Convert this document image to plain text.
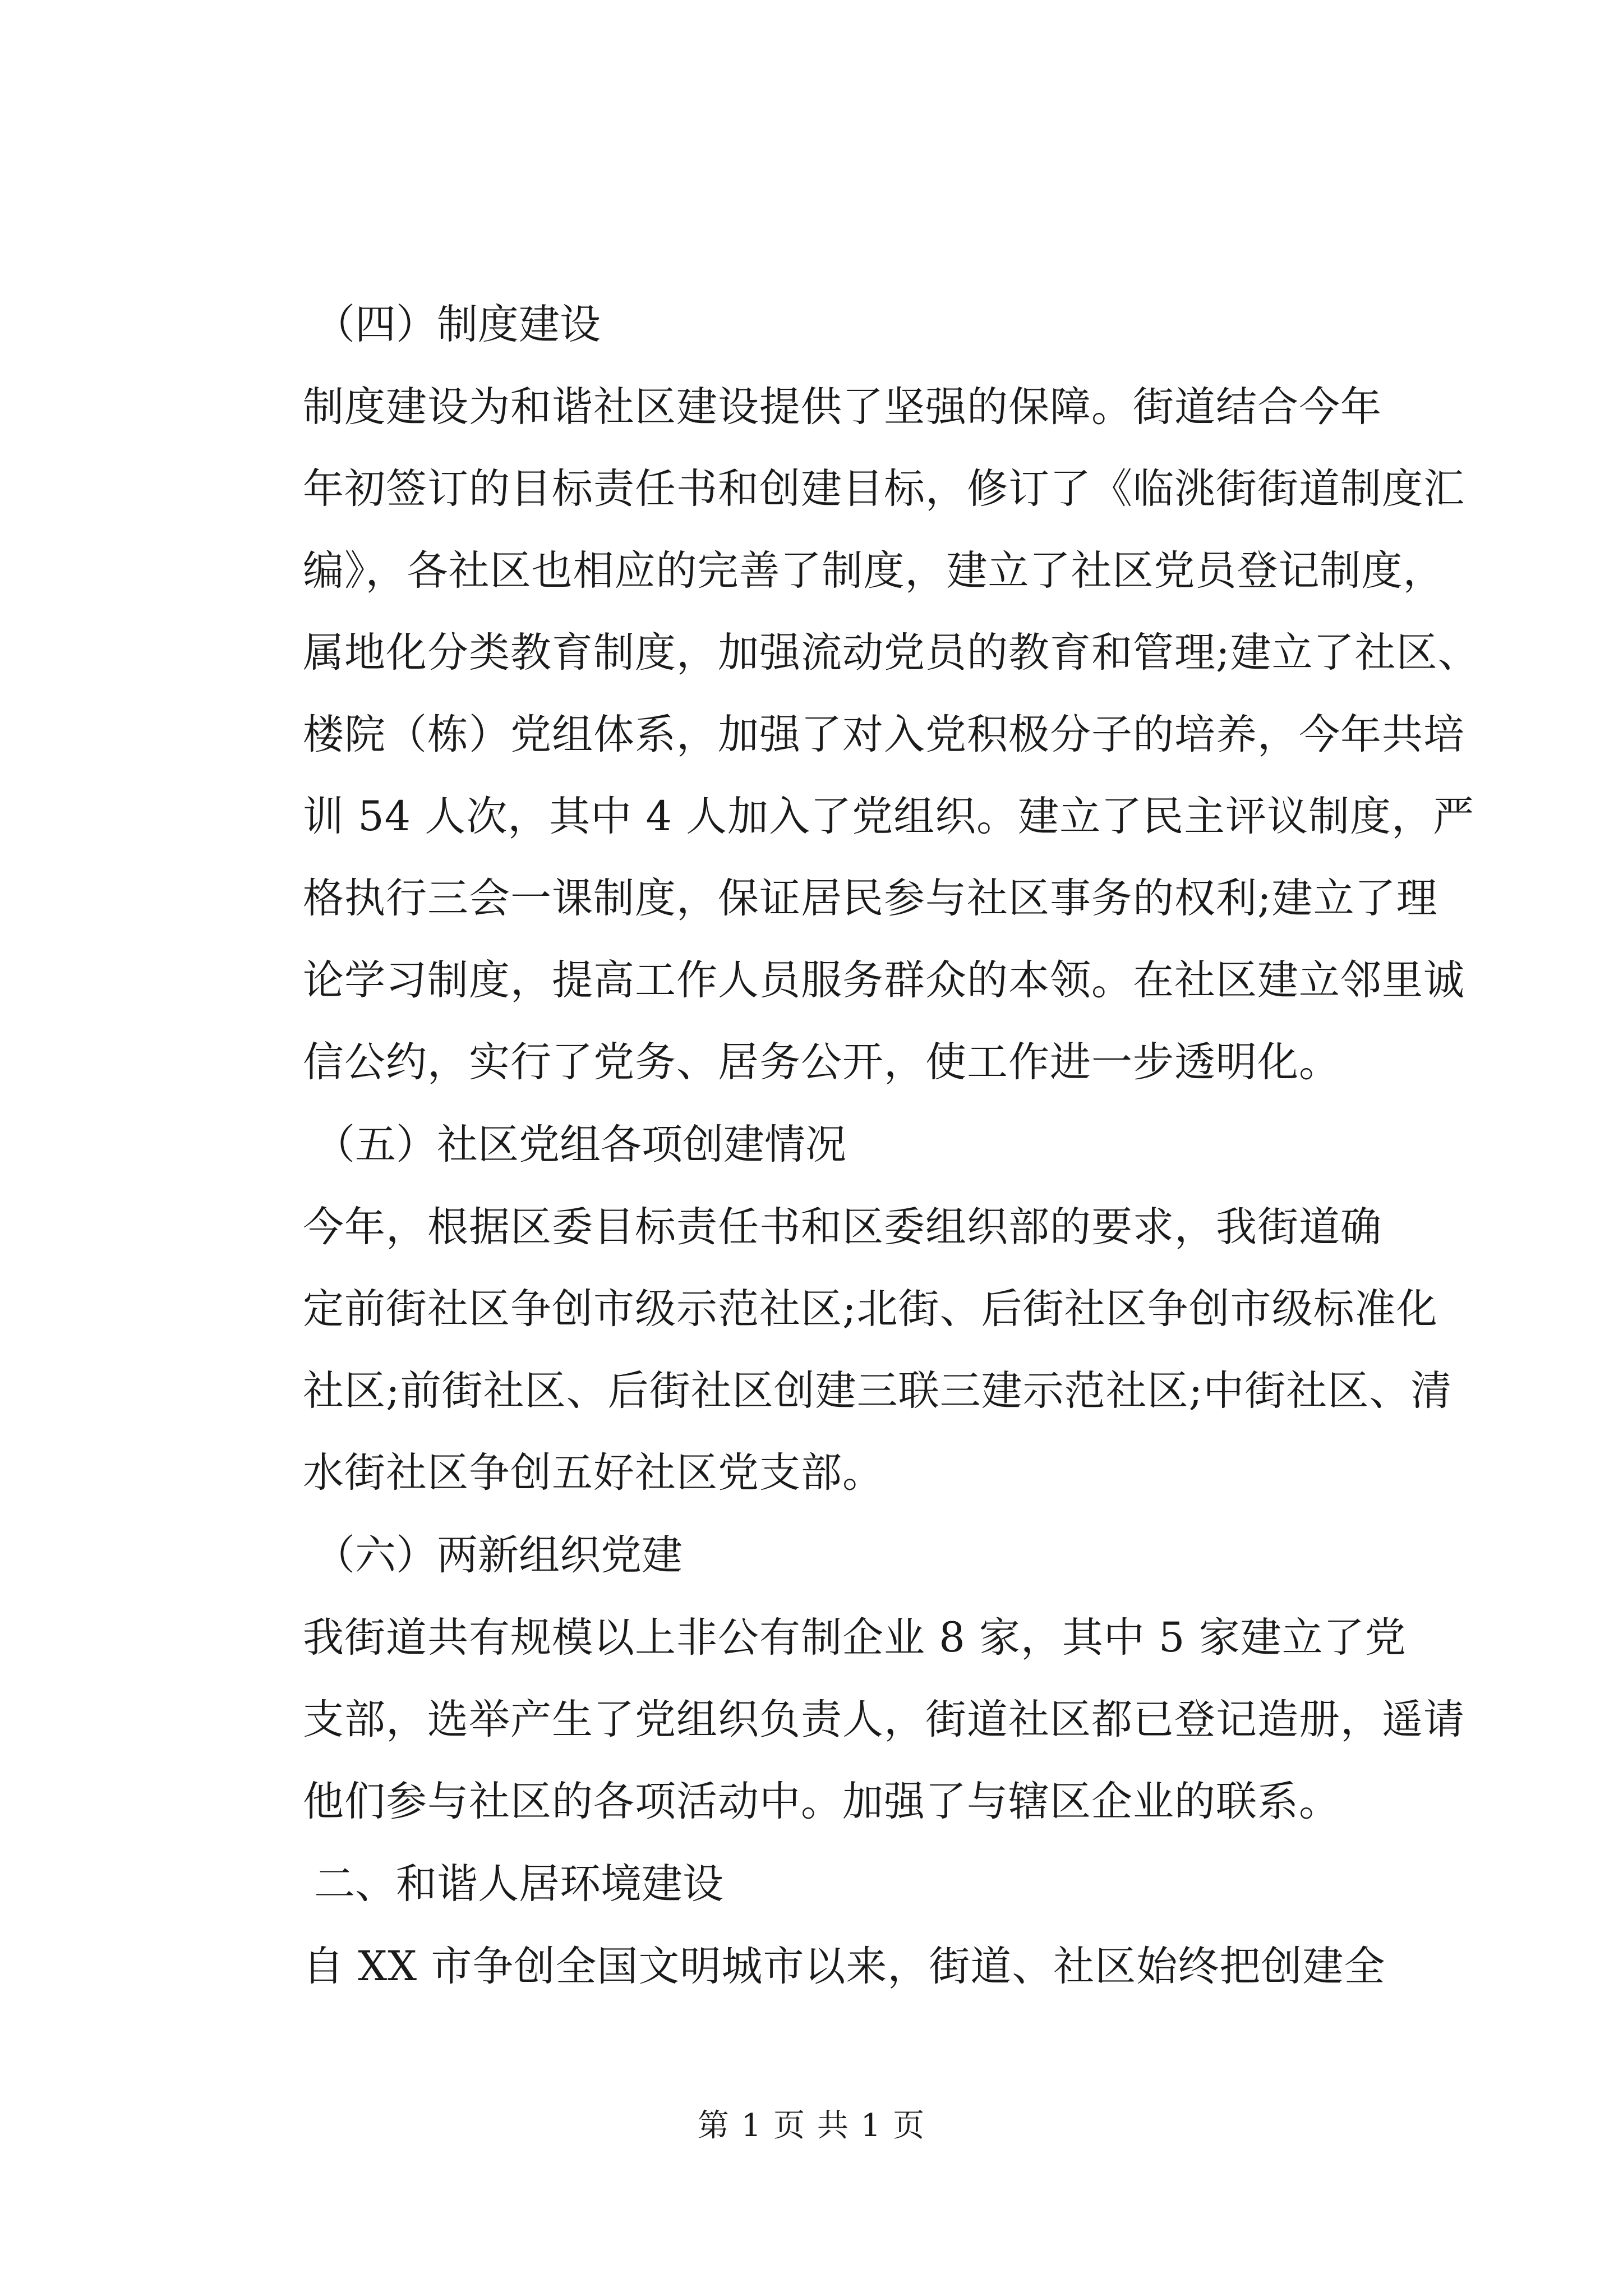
（四）制度建设
制度建设为和谐社区建设提供了坚强的保障。街道结合今年
年初签订的目标责任书和创建目标，修订了《临洮街街道制度汇
编》，各社区也相应的完善了制度，建立了社区党员登记制度，
属地化分类教育制度，加强流动党员的教育和管理;建立了社区、
楼院（栋）党组体系，加强了对入党积极分子的培养，今年共培
训 54 人次，其中 4 人加入了党组织。建立了民主评议制度，严
格执行三会一课制度，保证居民参与社区事务的权利;建立了理
论学习制度，提高工作人员服务群众的本领。在社区建立邻里诚
信公约，实行了党务、居务公开，使工作进一步透明化。
（五）社区党组各项创建情况
今年，根据区委目标责任书和区委组织部的要求，我街道确
定前街社区争创市级示范社区;北街、后街社区争创市级标准化
社区;前街社区、后街社区创建三联三建示范社区;中街社区、清
水街社区争创五好社区党支部。
（六）两新组织党建
我街道共有规模以上非公有制企业 8 家，其中 5 家建立了党
支部，选举产生了党组织负责人，街道社区都已登记造册，遥请
他们参与社区的各项活动中。加强了与辖区企业的联系。
二、和谐人居环境建设
自 XX 市争创全国文明城市以来，街道、社区始终把创建全
第 1 页 共 1 页
